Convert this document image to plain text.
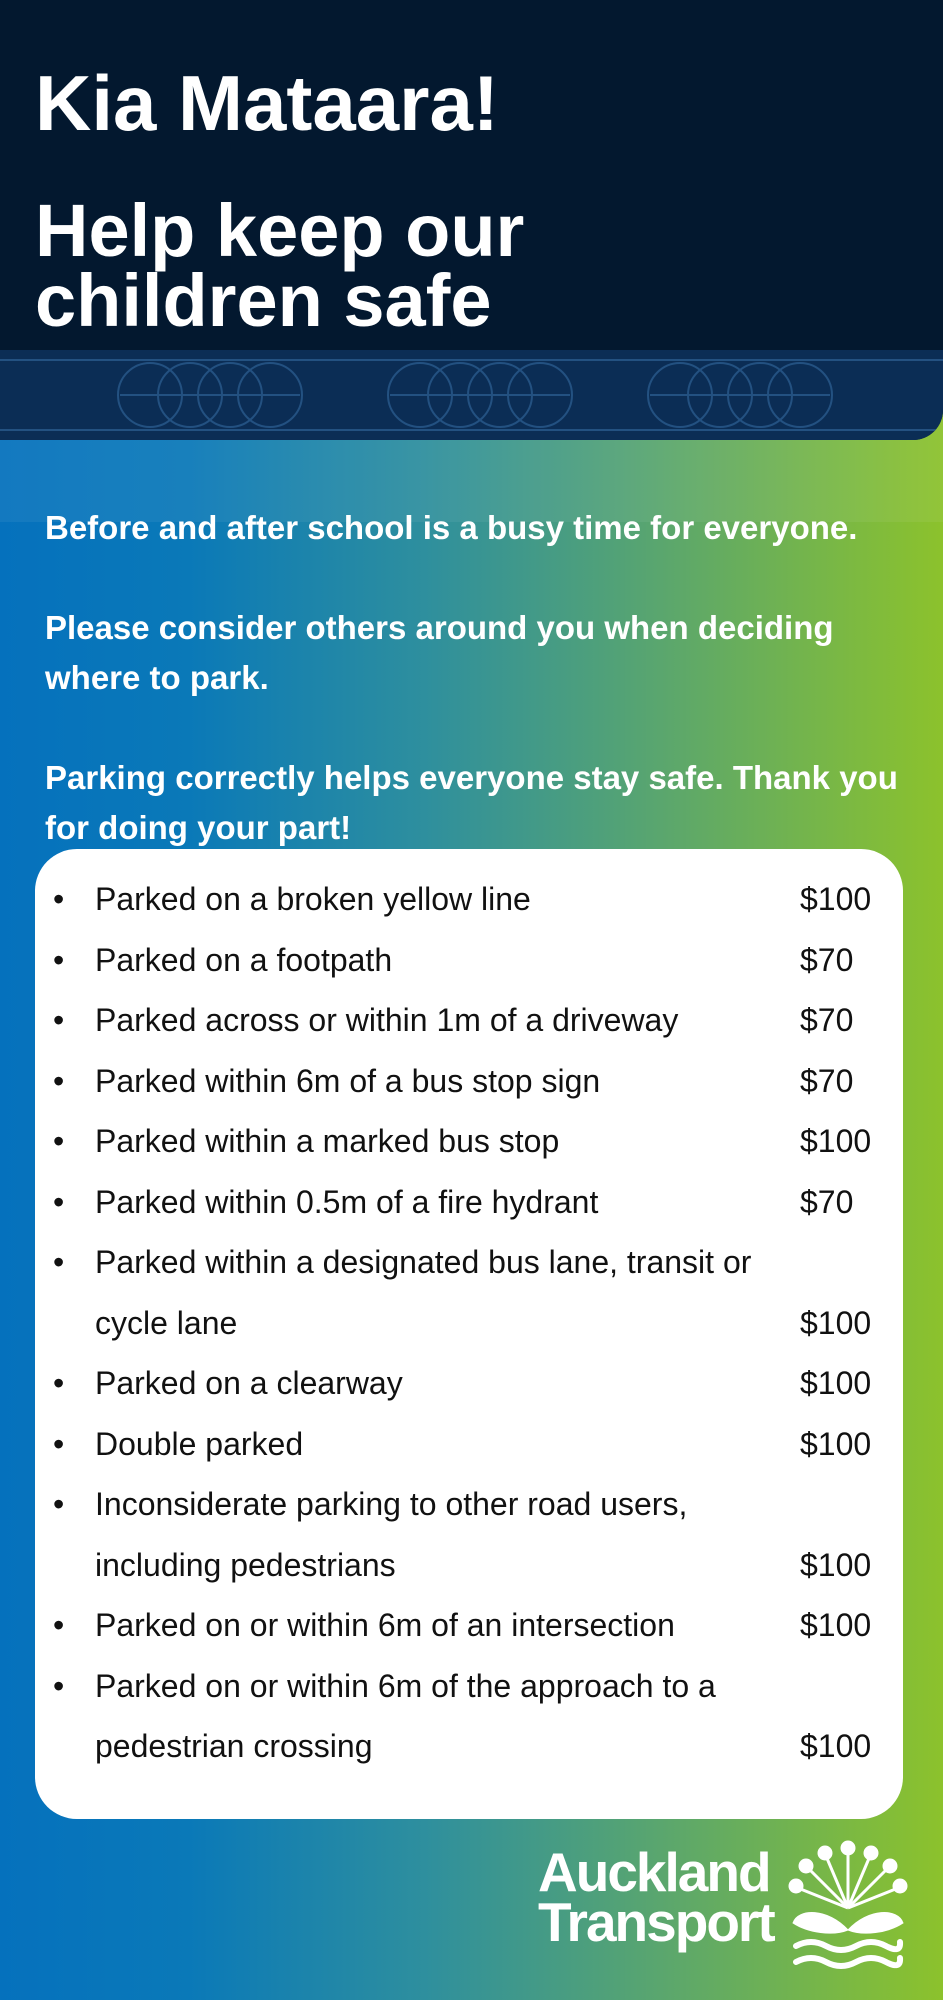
Kia Mataara!
Help keep our
children safe

Before and after school is a busy time for everyone.

Please consider others around you when deciding where to park.

Parking correctly helps everyone stay safe. Thank you for doing your part!

• Parked on a broken yellow line	$100
• Parked on a footpath	$70
• Parked across or within 1m of a driveway	$70
• Parked within 6m of a bus stop sign	$70
• Parked within a marked bus stop	$100
• Parked within 0.5m of a fire hydrant	$70
• Parked within a designated bus lane, transit or cycle lane	$100
• Parked on a clearway	$100
• Double parked	$100
• Inconsiderate parking to other road users, including pedestrians	$100
• Parked on or within 6m of an intersection	$100
• Parked on or within 6m of the approach to a pedestrian crossing	$100
Auckland
Transport
